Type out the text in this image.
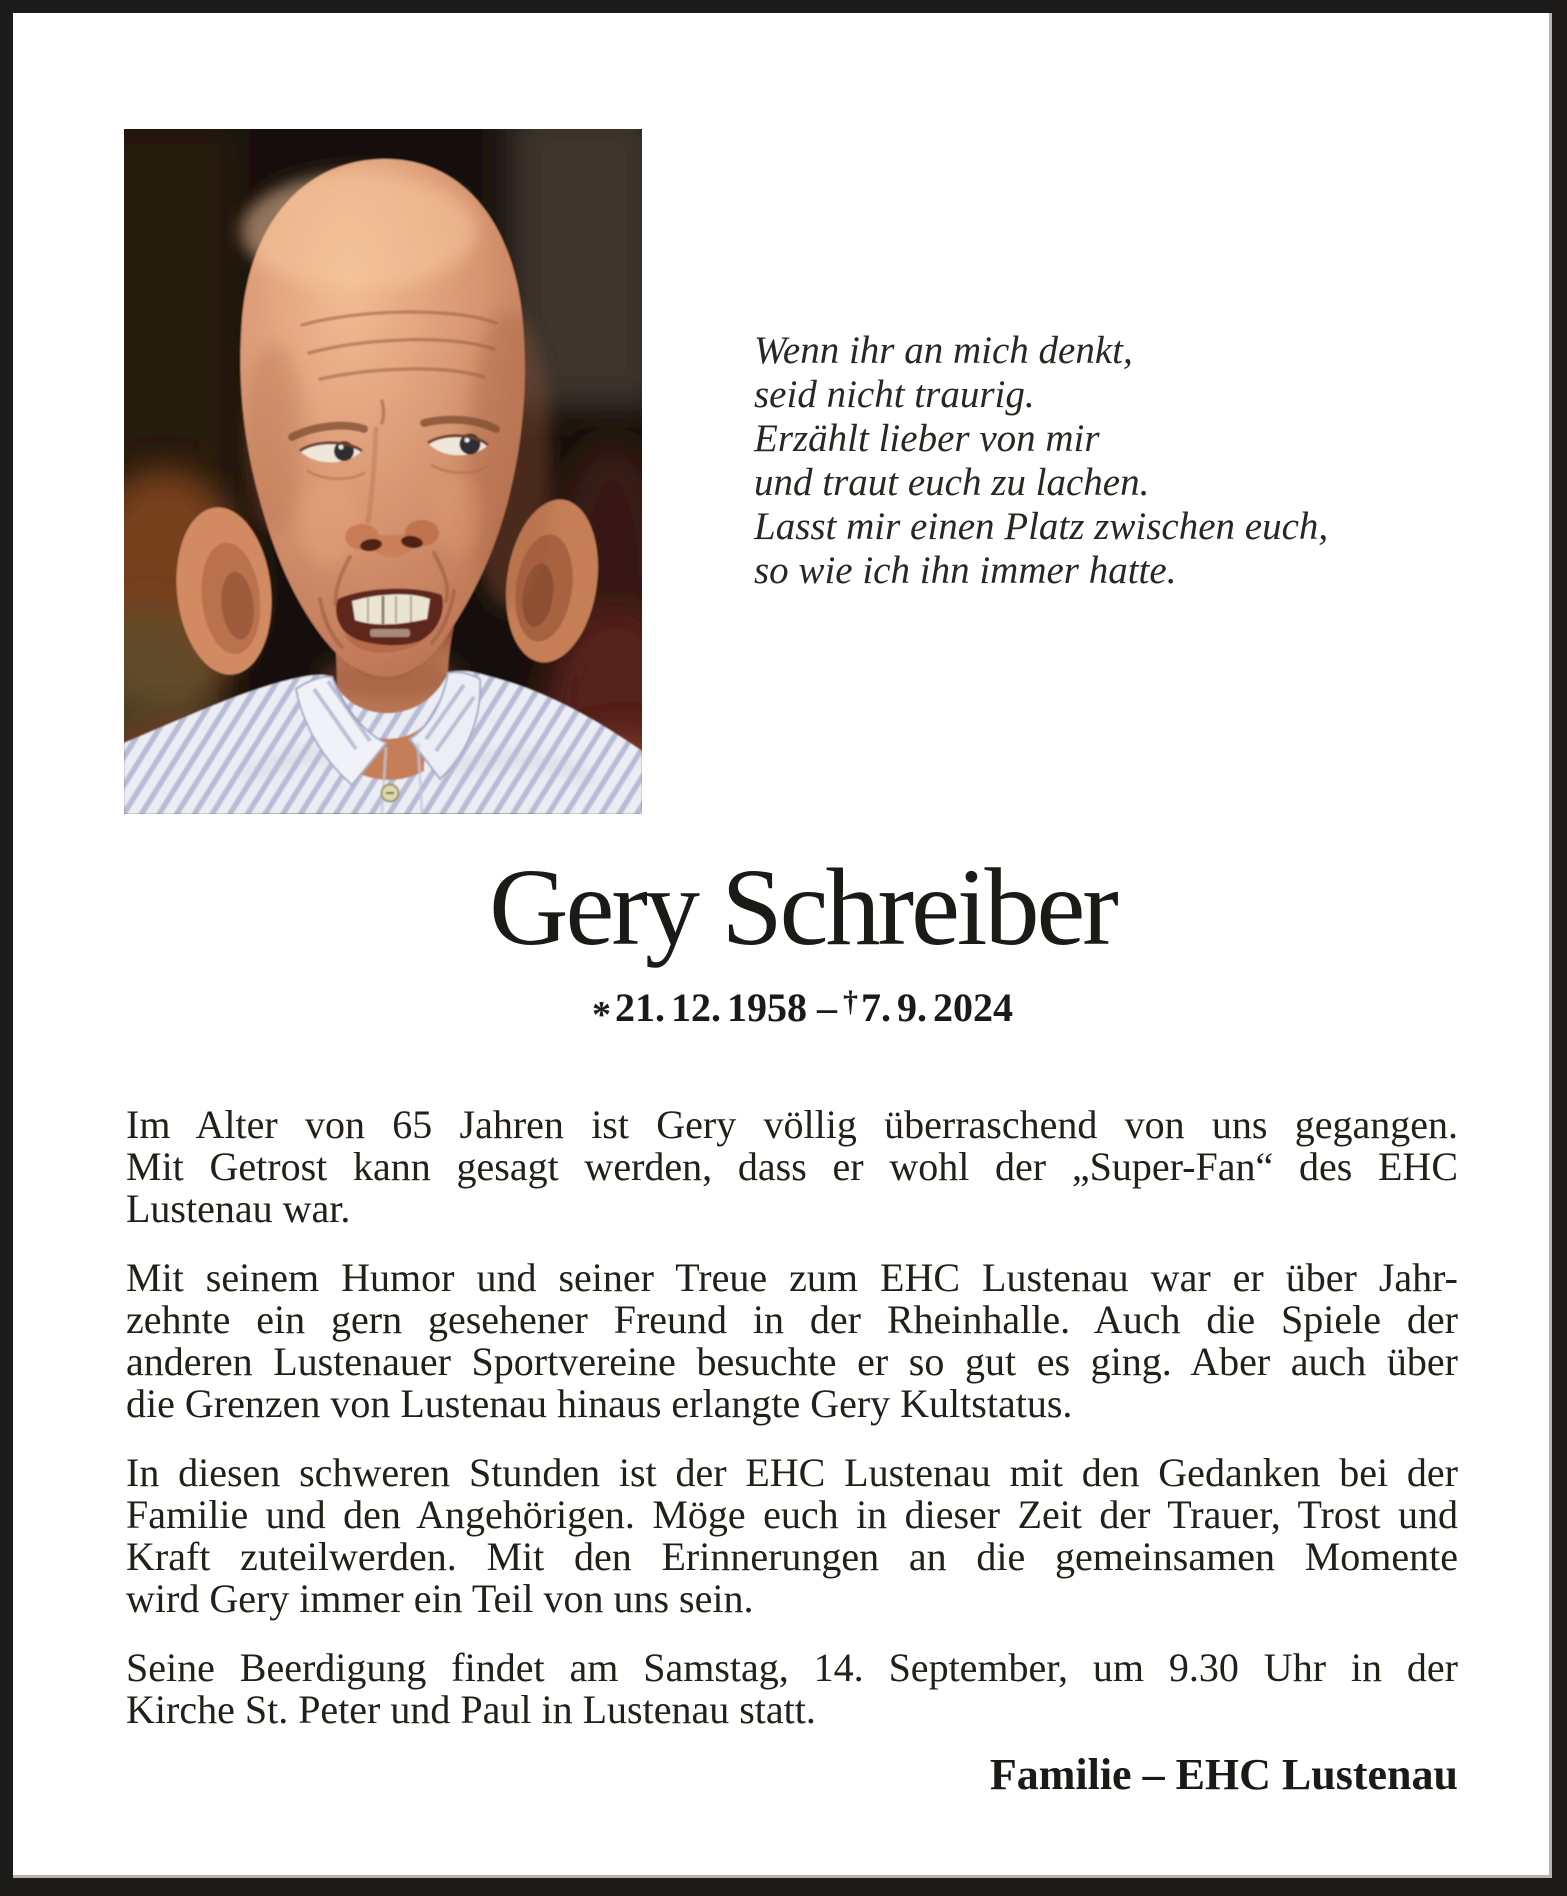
Wenn ihr an mich denkt,
seid nicht traurig.
Erzählt lieber von mir
und traut euch zu lachen.
Lasst mir einen Platz zwischen euch,
so wie ich ihn immer hatte.
Gery Schreiber
* 21. 12. 1958 – †7. 9. 2024
Im Alter von 65 Jahren ist Gery völlig überraschend von uns gegangen.
Mit Getrost kann gesagt werden, dass er wohl der „Super-Fan“ des EHC
Lustenau war.
Mit seinem Humor und seiner Treue zum EHC Lustenau war er über Jahr-
zehnte ein gern gesehener Freund in der Rheinhalle. Auch die Spiele der
anderen Lustenauer Sportvereine besuchte er so gut es ging. Aber auch über
die Grenzen von Lustenau hinaus erlangte Gery Kultstatus.
In diesen schweren Stunden ist der EHC Lustenau mit den Gedanken bei der
Familie und den Angehörigen. Möge euch in dieser Zeit der Trauer, Trost und
Kraft zuteilwerden. Mit den Erinnerungen an die gemeinsamen Momente
wird Gery immer ein Teil von uns sein.
Seine Beerdigung findet am Samstag, 14. September, um 9.30 Uhr in der
Kirche St. Peter und Paul in Lustenau statt.
Familie – EHC Lustenau
